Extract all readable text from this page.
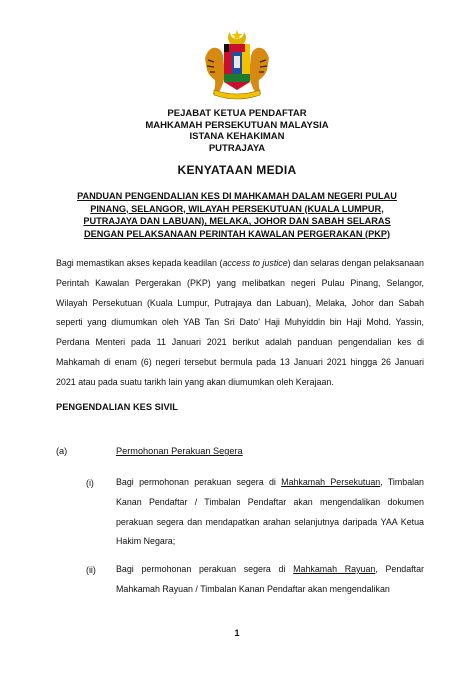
PEJABAT KETUA PENDAFTAR
MAHKAMAH PERSEKUTUAN MALAYSIA
ISTANA KEHAKIMAN
PUTRAJAYA
KENYATAAN MEDIA
PANDUAN PENGENDALIAN KES DI MAHKAMAH DALAM NEGERI PULAU
PINANG, SELANGOR, WILAYAH PERSEKUTUAN (KUALA LUMPUR,
PUTRAJAYA DAN LABUAN), MELAKA, JOHOR DAN SABAH SELARAS
DENGAN PELAKSANAAN PERINTAH KAWALAN PERGERAKAN (PKP)
Bagi memastikan akses kepada keadilan (access to justice) dan selaras dengan pelaksanaan Perintah Kawalan Pergerakan (PKP) yang melibatkan negeri Pulau Pinang, Selangor, Wilayah Persekutuan (Kuala Lumpur, Putrajaya dan Labuan), Melaka, Johor dan Sabah seperti yang diumumkan oleh YAB Tan Sri Dato' Haji Muhyiddin bin Haji Mohd. Yassin, Perdana Menteri pada 11 Januari 2021 berikut adalah panduan pengendalian kes di Mahkamah di enam (6) negeri tersebut bermula pada 13 Januari 2021 hingga 26 Januari 2021 atau pada suatu tarikh lain yang akan diumumkan oleh Kerajaan.
PENGENDALIAN KES SIVIL
(a)	Permohonan Perakuan Segera
(i) Bagi permohonan perakuan segera di Mahkamah Persekutuan, Timbalan Kanan Pendaftar / Timbalan Pendaftar akan mengendalikan dokumen perakuan segera dan mendapatkan arahan selanjutnya daripada YAA Ketua Hakim Negara;
(ii) Bagi permohonan perakuan segera di Mahkamah Rayuan, Pendaftar Mahkamah Rayuan / Timbalan Kanan Pendaftar akan mengendalikan
1
